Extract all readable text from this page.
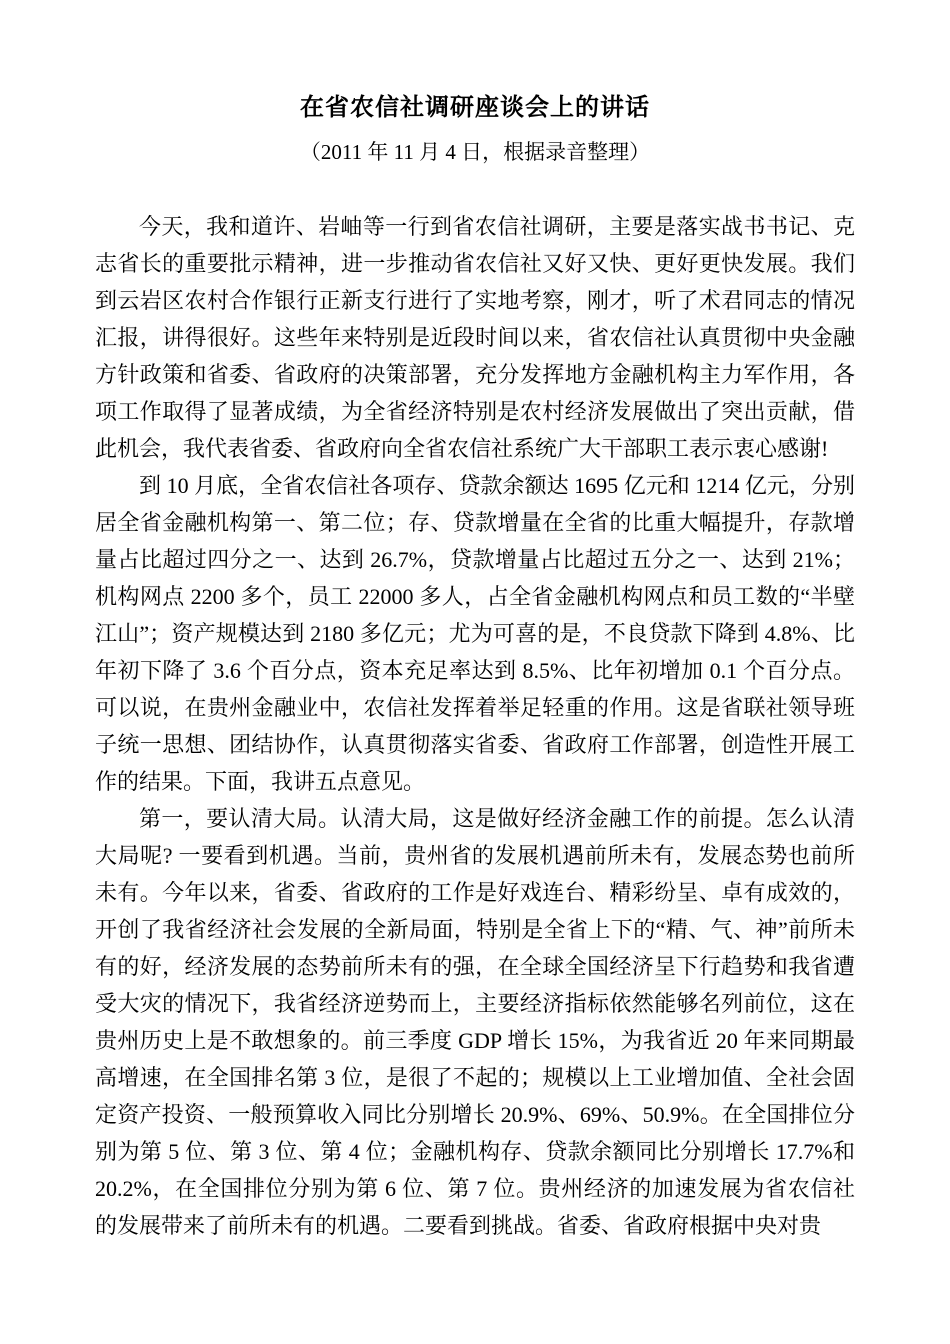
在省农信社调研座谈会上的讲话
（2011 年 11 月 4 日，根据录音整理）

今天，我和道许、岩岫等一行到省农信社调研，主要是落实战书书记、克志省长的重要批示精神，进一步推动省农信社又好又快、更好更快发展。我们到云岩区农村合作银行正新支行进行了实地考察，刚才，听了术君同志的情况汇报，讲得很好。这些年来特别是近段时间以来，省农信社认真贯彻中央金融方针政策和省委、省政府的决策部署，充分发挥地方金融机构主力军作用，各项工作取得了显著成绩，为全省经济特别是农村经济发展做出了突出贡献，借此机会，我代表省委、省政府向全省农信社系统广大干部职工表示衷心感谢!

到 10 月底，全省农信社各项存、贷款余额达 1695 亿元和 1214 亿元，分别居全省金融机构第一、第二位；存、贷款增量在全省的比重大幅提升，存款增量占比超过四分之一、达到 26.7%，贷款增量占比超过五分之一、达到 21%；机构网点 2200 多个，员工 22000 多人，占全省金融机构网点和员工数的“半壁江山”；资产规模达到 2180 多亿元；尤为可喜的是，不良贷款下降到 4.8%、比年初下降了 3.6 个百分点，资本充足率达到 8.5%、比年初增加 0.1 个百分点。可以说，在贵州金融业中，农信社发挥着举足轻重的作用。这是省联社领导班子统一思想、团结协作，认真贯彻落实省委、省政府工作部署，创造性开展工作的结果。下面，我讲五点意见。

第一，要认清大局。认清大局，这是做好经济金融工作的前提。怎么认清大局呢? 一要看到机遇。当前，贵州省的发展机遇前所未有，发展态势也前所未有。今年以来，省委、省政府的工作是好戏连台、精彩纷呈、卓有成效的，开创了我省经济社会发展的全新局面，特别是全省上下的“精、气、神”前所未有的好，经济发展的态势前所未有的强，在全球全国经济呈下行趋势和我省遭受大灾的情况下，我省经济逆势而上，主要经济指标依然能够名列前位，这在贵州历史上是不敢想象的。前三季度 GDP 增长 15%，为我省近 20 年来同期最高增速，在全国排名第 3 位，是很了不起的；规模以上工业增加值、全社会固定资产投资、一般预算收入同比分别增长 20.9%、69%、50.9%。在全国排位分别为第 5 位、第 3 位、第 4 位；金融机构存、贷款余额同比分别增长 17.7%和 20.2%，在全国排位分别为第 6 位、第 7 位。贵州经济的加速发展为省农信社的发展带来了前所未有的机遇。二要看到挑战。省委、省政府根据中央对贵
